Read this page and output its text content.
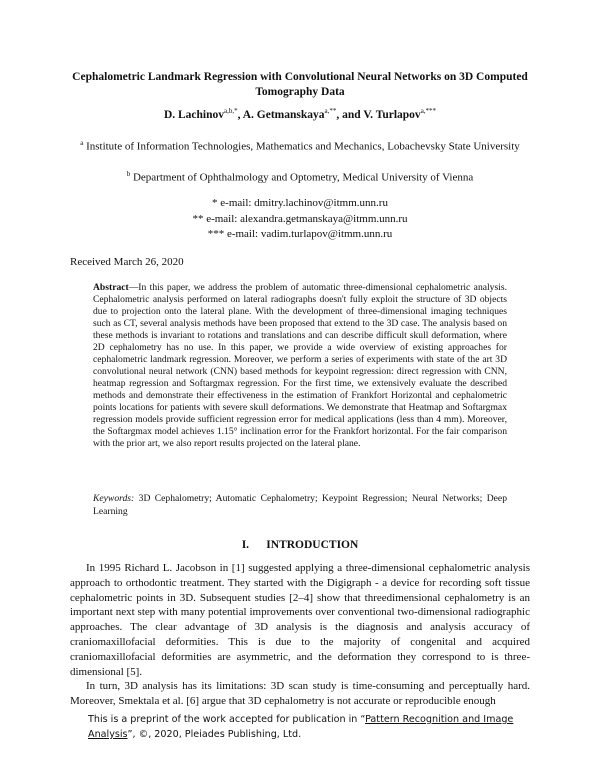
Cephalometric Landmark Regression with Convolutional Neural Networks on 3D Computed Tomography Data
D. Lachinov$^{a,b,*}$, A. Getmanskaya$^{a,**}$, and V. Turlapov$^{a,***}$
$^a$ Institute of Information Technologies, Mathematics and Mechanics, Lobachevsky State University
$^b$ Department of Ophthalmology and Optometry, Medical University of Vienna
* e-mail: dmitry.lachinov@itmm.unn.ru
** e-mail: alexandra.getmanskaya@itmm.unn.ru
*** e-mail: vadim.turlapov@itmm.unn.ru
Received March 26, 2020
Abstract—In this paper, we address the problem of automatic three-dimensional cephalometric analysis. Cephalometric analysis performed on lateral radiographs doesn't fully exploit the structure of 3D objects due to projection onto the lateral plane. With the development of three-dimensional imaging techniques such as CT, several analysis methods have been proposed that extend to the 3D case. The analysis based on these methods is invariant to rotations and translations and can describe difficult skull deformation, where 2D cephalometry has no use. In this paper, we provide a wide overview of existing approaches for cephalometric landmark regression. Moreover, we perform a series of experiments with state of the art 3D convolutional neural network (CNN) based methods for keypoint regression: direct regression with CNN, heatmap regression and Softargmax regression. For the first time, we extensively evaluate the described methods and demonstrate their effectiveness in the estimation of Frankfort Horizontal and cephalometric points locations for patients with severe skull deformations. We demonstrate that Heatmap and Softargmax regression models provide sufficient regression error for medical applications (less than 4 mm). Moreover, the Softargmax model achieves 1.15° inclination error for the Frankfort horizontal. For the fair comparison with the prior art, we also report results projected on the lateral plane.
Keywords: 3D Cephalometry; Automatic Cephalometry; Keypoint Regression; Neural Networks; Deep Learning
I.      INTRODUCTION

In 1995 Richard L. Jacobson in [1] suggested applying a three-dimensional cephalometric analysis approach to orthodontic treatment. They started with the Digigraph - a device for recording soft tissue cephalometric points in 3D. Subsequent studies [2–4] show that threedimensional cephalometry is an important next step with many potential improvements over conventional two-dimensional radiographic approaches. The clear advantage of 3D analysis is the diagnosis and analysis accuracy of craniomaxillofacial deformities. This is due to the majority of congenital and acquired craniomaxillofacial deformities are asymmetric, and the deformation they correspond to is three-dimensional [5].

In turn, 3D analysis has its limitations: 3D scan study is time-consuming and perceptually hard. Moreover, Smektala et al. [6] argue that 3D cephalometry is not accurate or reproducible enough

This is a preprint of the work accepted for publication in “Pattern Recognition and Image Analysis”, ©, 2020, Pleiades Publishing, Ltd.
